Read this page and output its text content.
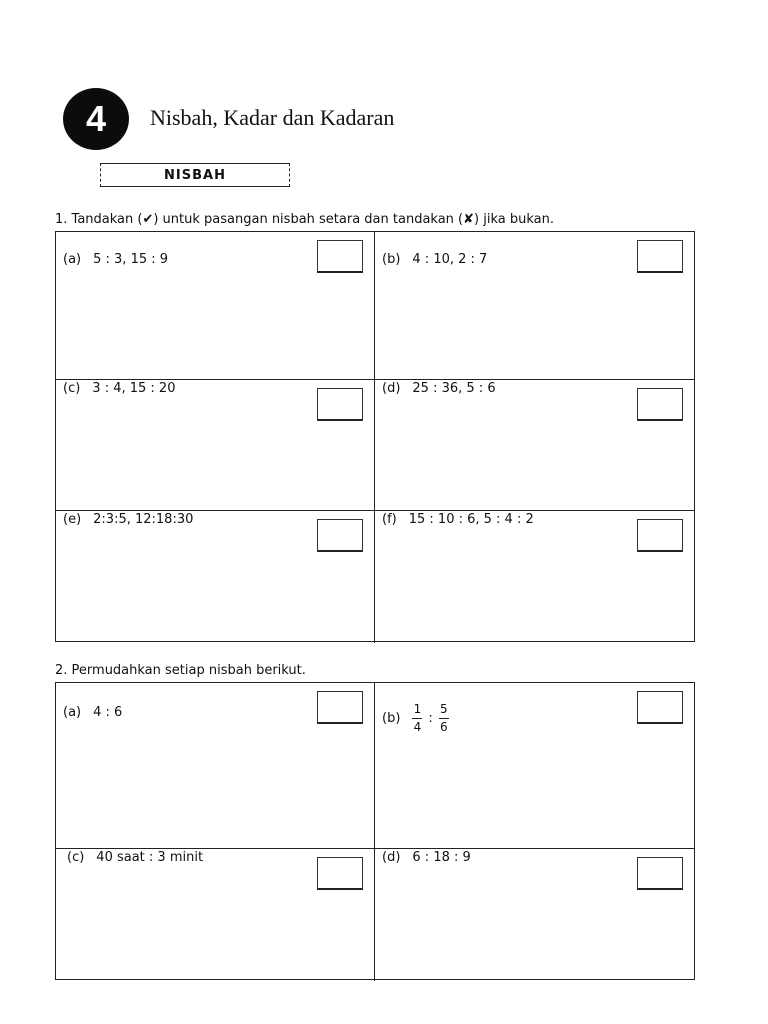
4 Nisbah, Kadar dan Kadaran
NISBAH
1. Tandakan (✔) untuk pasangan nisbah setara dan tandakan (✘) jika bukan.
(a) 5 : 3, 15 : 9	(b) 4 : 10, 2 : 7
(c) 3 : 4, 15 : 20	(d) 25 : 36, 5 : 6
(e) 2:3:5, 12:18:30	(f) 15 : 10 : 6, 5 : 4 : 2
2. Permudahkan setiap nisbah berikut.
(a) 4 : 6	$(b) \frac{1}{4}$ : $\frac{5}{6}$
(c) 40 saat : 3 minit	(d) 6 : 18 : 9
